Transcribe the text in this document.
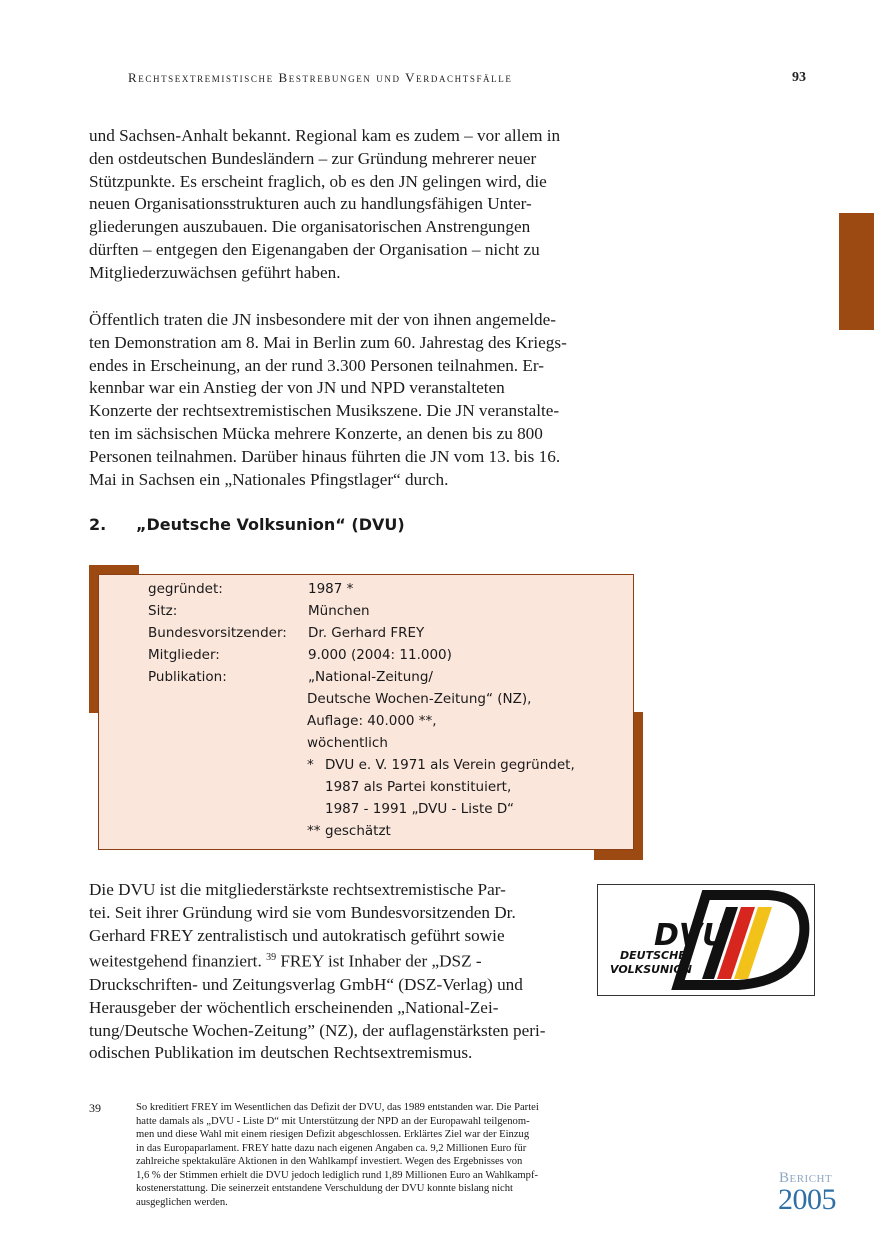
Rechtsextremistische Bestrebungen und Verdachtsfälle	93

und Sachsen-Anhalt bekannt. Regional kam es zudem – vor allem in
den ostdeutschen Bundesländern – zur Gründung mehrerer neuer
Stützpunkte. Es erscheint fraglich, ob es den JN gelingen wird, die
neuen Organisationsstrukturen auch zu handlungsfähigen Unter-
gliederungen auszubauen. Die organisatorischen Anstrengungen
dürften – entgegen den Eigenangaben der Organisation – nicht zu
Mitgliederzuwächsen geführt haben.

Öffentlich traten die JN insbesondere mit der von ihnen angemelde-
ten Demonstration am 8. Mai in Berlin zum 60. Jahrestag des Kriegs-
endes in Erscheinung, an der rund 3.300 Personen teilnahmen. Er-
kennbar war ein Anstieg der von JN und NPD veranstalteten
Konzerte der rechtsextremistischen Musikszene. Die JN veranstalte-
ten im sächsischen Mücka mehrere Konzerte, an denen bis zu 800
Personen teilnahmen. Darüber hinaus führten die JN vom 13. bis 16.
Mai in Sachsen ein „Nationales Pfingstlager“ durch.

2. „Deutsche Volksunion“ (DVU)
gegründet:	1987 *
Sitz:	München
Bundesvorsitzender: Dr. Gerhard FREY
Mitglieder:	9.000 (2004: 11.000)
Publikation:	„National-Zeitung/
Deutsche Wochen-Zeitung“ (NZ),
Auflage: 40.000 **,
wöchentlich
* DVU e. V. 1971 als Verein gegründet,
1987 als Partei konstituiert,
1987 - 1991 „DVU - Liste D“
** geschätzt

Die DVU ist die mitgliederstärkste rechtsextremistische Par-
tei. Seit ihrer Gründung wird sie vom Bundesvorsitzenden Dr.
Gerhard FREY zentralistisch und autokratisch geführt sowie
weitestgehend finanziert. $^{39}$ FREY ist Inhaber der „DSZ -
Druckschriften- und Zeitungsverlag GmbH“ (DSZ-Verlag) und
Herausgeber der wöchentlich erscheinenden „National-Zei-
tung/Deutsche Wochen-Zeitung” (NZ), der auflagenstärksten peri-
odischen Publikation im deutschen Rechtsextremismus.

DVU
DEUTSCHE
VOLKSUNION
39	So kreditiert FREY im Wesentlichen das Defizit der DVU, das 1989 entstanden war. Die Partei
hatte damals als „DVU - Liste D“ mit Unterstützung der NPD an der Europawahl teilgenom-
men und diese Wahl mit einem riesigen Defizit abgeschlossen. Erklärtes Ziel war der Einzug
in das Europaparlament. FREY hatte dazu nach eigenen Angaben ca. 9,2 Millionen Euro für
zahlreiche spektakuläre Aktionen in den Wahlkampf investiert. Wegen des Ergebnisses von
1,6 % der Stimmen erhielt die DVU jedoch lediglich rund 1,89 Millionen Euro an Wahlkampf-
kostenerstattung. Die seinerzeit entstandene Verschuldung der DVU konnte bislang nicht
ausgeglichen werden.

Bericht
2005
